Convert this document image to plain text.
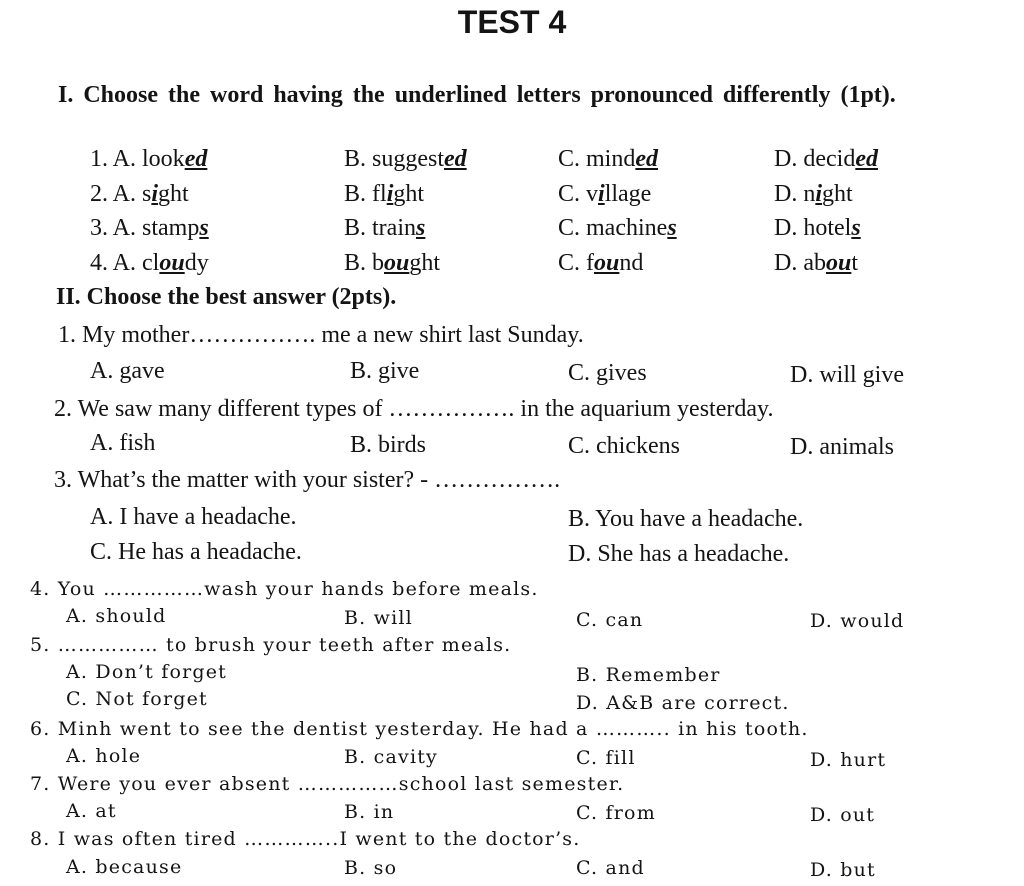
TEST 4
I. Choose the word having the underlined letters pronounced differently (1pt).
1. A. looked	B. suggested	C. minded	D. decided
2. A. sight	B. flight	C. village	D. night
3. A. stamps	B. trains	C. machines	D. hotels
4. A. cloudy	B. bought	C. found	D. about
II. Choose the best answer (2pts).
1. My mother……………. me a new shirt last Sunday.
A. gave	B. give	C. gives	D. will give
2. We saw many different types of ……………. in the aquarium yesterday.
A. fish	B. birds	C. chickens	D. animals
3. What’s the matter with your sister? - …………….
A. I have a headache.	B. You have a headache.
C. He has a headache.	D. She has a headache.
4. You ……………wash your hands before meals.
A. should	B. will	C. can	D. would
5. …………… to brush your teeth after meals.
A. Don’t forget	B. Remember
C. Not forget	D. A&B are correct.
6. Minh went to see the dentist yesterday. He had a ……….. in his tooth.
A. hole	B. cavity	C. fill	D. hurt
7. Were you ever absent ……………school last semester.
A. at	B. in	C. from	D. out
8. I was often tired …………..I went to the doctor’s.
A. because	B. so	C. and	D. but
